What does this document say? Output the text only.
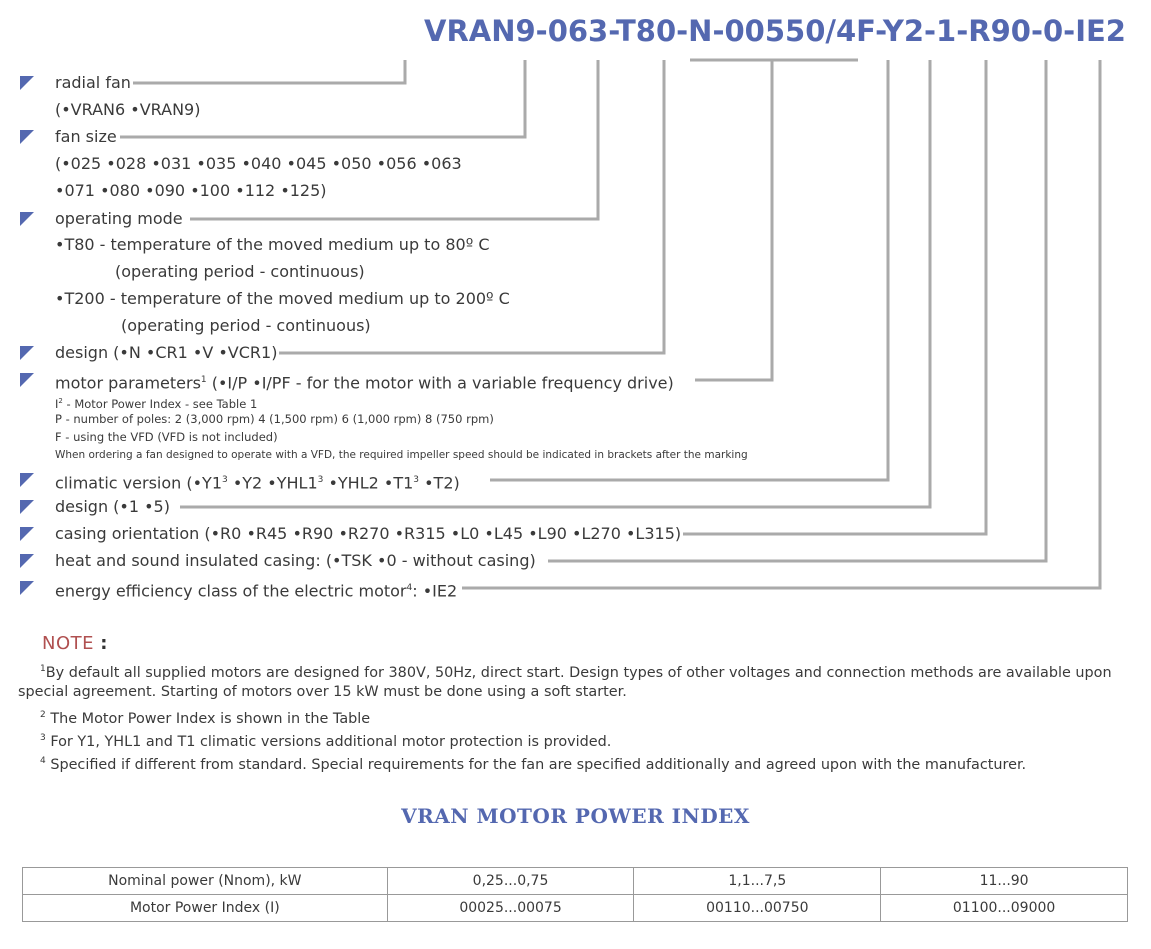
VRAN9-063-T80-N-00550/4F-Y2-1-R90-0-IE2
radial fan
(•VRAN6 •VRAN9)
fan size
(•025 •028 •031 •035 •040 •045 •050 •056 •063
•071 •080 •090 •100 •112 •125)
operating mode
•T80 - temperature of the moved medium up to 80º C
(operating period - continuous)
•T200 - temperature of the moved medium up to 200º C
(operating period - continuous)
design (•N •CR1 •V •VCR1)
motor parameters$^1$ (•I/P •I/PF - for the motor with a variable frequency drive)
$I^2$ - Motor Power Index - see Table 1
P - number of poles: 2 (3,000 rpm) 4 (1,500 rpm) 6 (1,000 rpm) 8 (750 rpm)
F - using the VFD (VFD is not included)
When ordering a fan designed to operate with a VFD, the required impeller speed should be indicated in brackets after the marking
climatic version ($•Y1^3$ •Y2 $•YHL1^3$ •YHL2 $•T1^3$ •T2)
design (•1 •5)
casing orientation (•R0 •R45 •R90 •R270 •R315 •L0 •L45 •L90 •L270 •L315)
heat and sound insulated casing: (•TSK •0 - without casing)
energy efficiency class of the electric motor$^4$: •IE2
NOTE :
$^1$By default all supplied motors are designed for 380V, 50Hz, direct start. Design types of other voltages and connection methods are available upon
special agreement. Starting of motors over 15 kW must be done using a soft starter.
$^2$ The Motor Power Index is shown in the Table
$^3$ For Y1, YHL1 and T1 climatic versions additional motor protection is provided.
$^4$ Specified if different from standard. Special requirements for the fan are specified additionally and agreed upon with the manufacturer.
VRAN MOTOR POWER INDEX
Nominal power (Nnom), kW	0,25...0,75	1,1...7,5	11...90
Motor Power Index (I)	00025...00075	00110...00750	01100...09000
